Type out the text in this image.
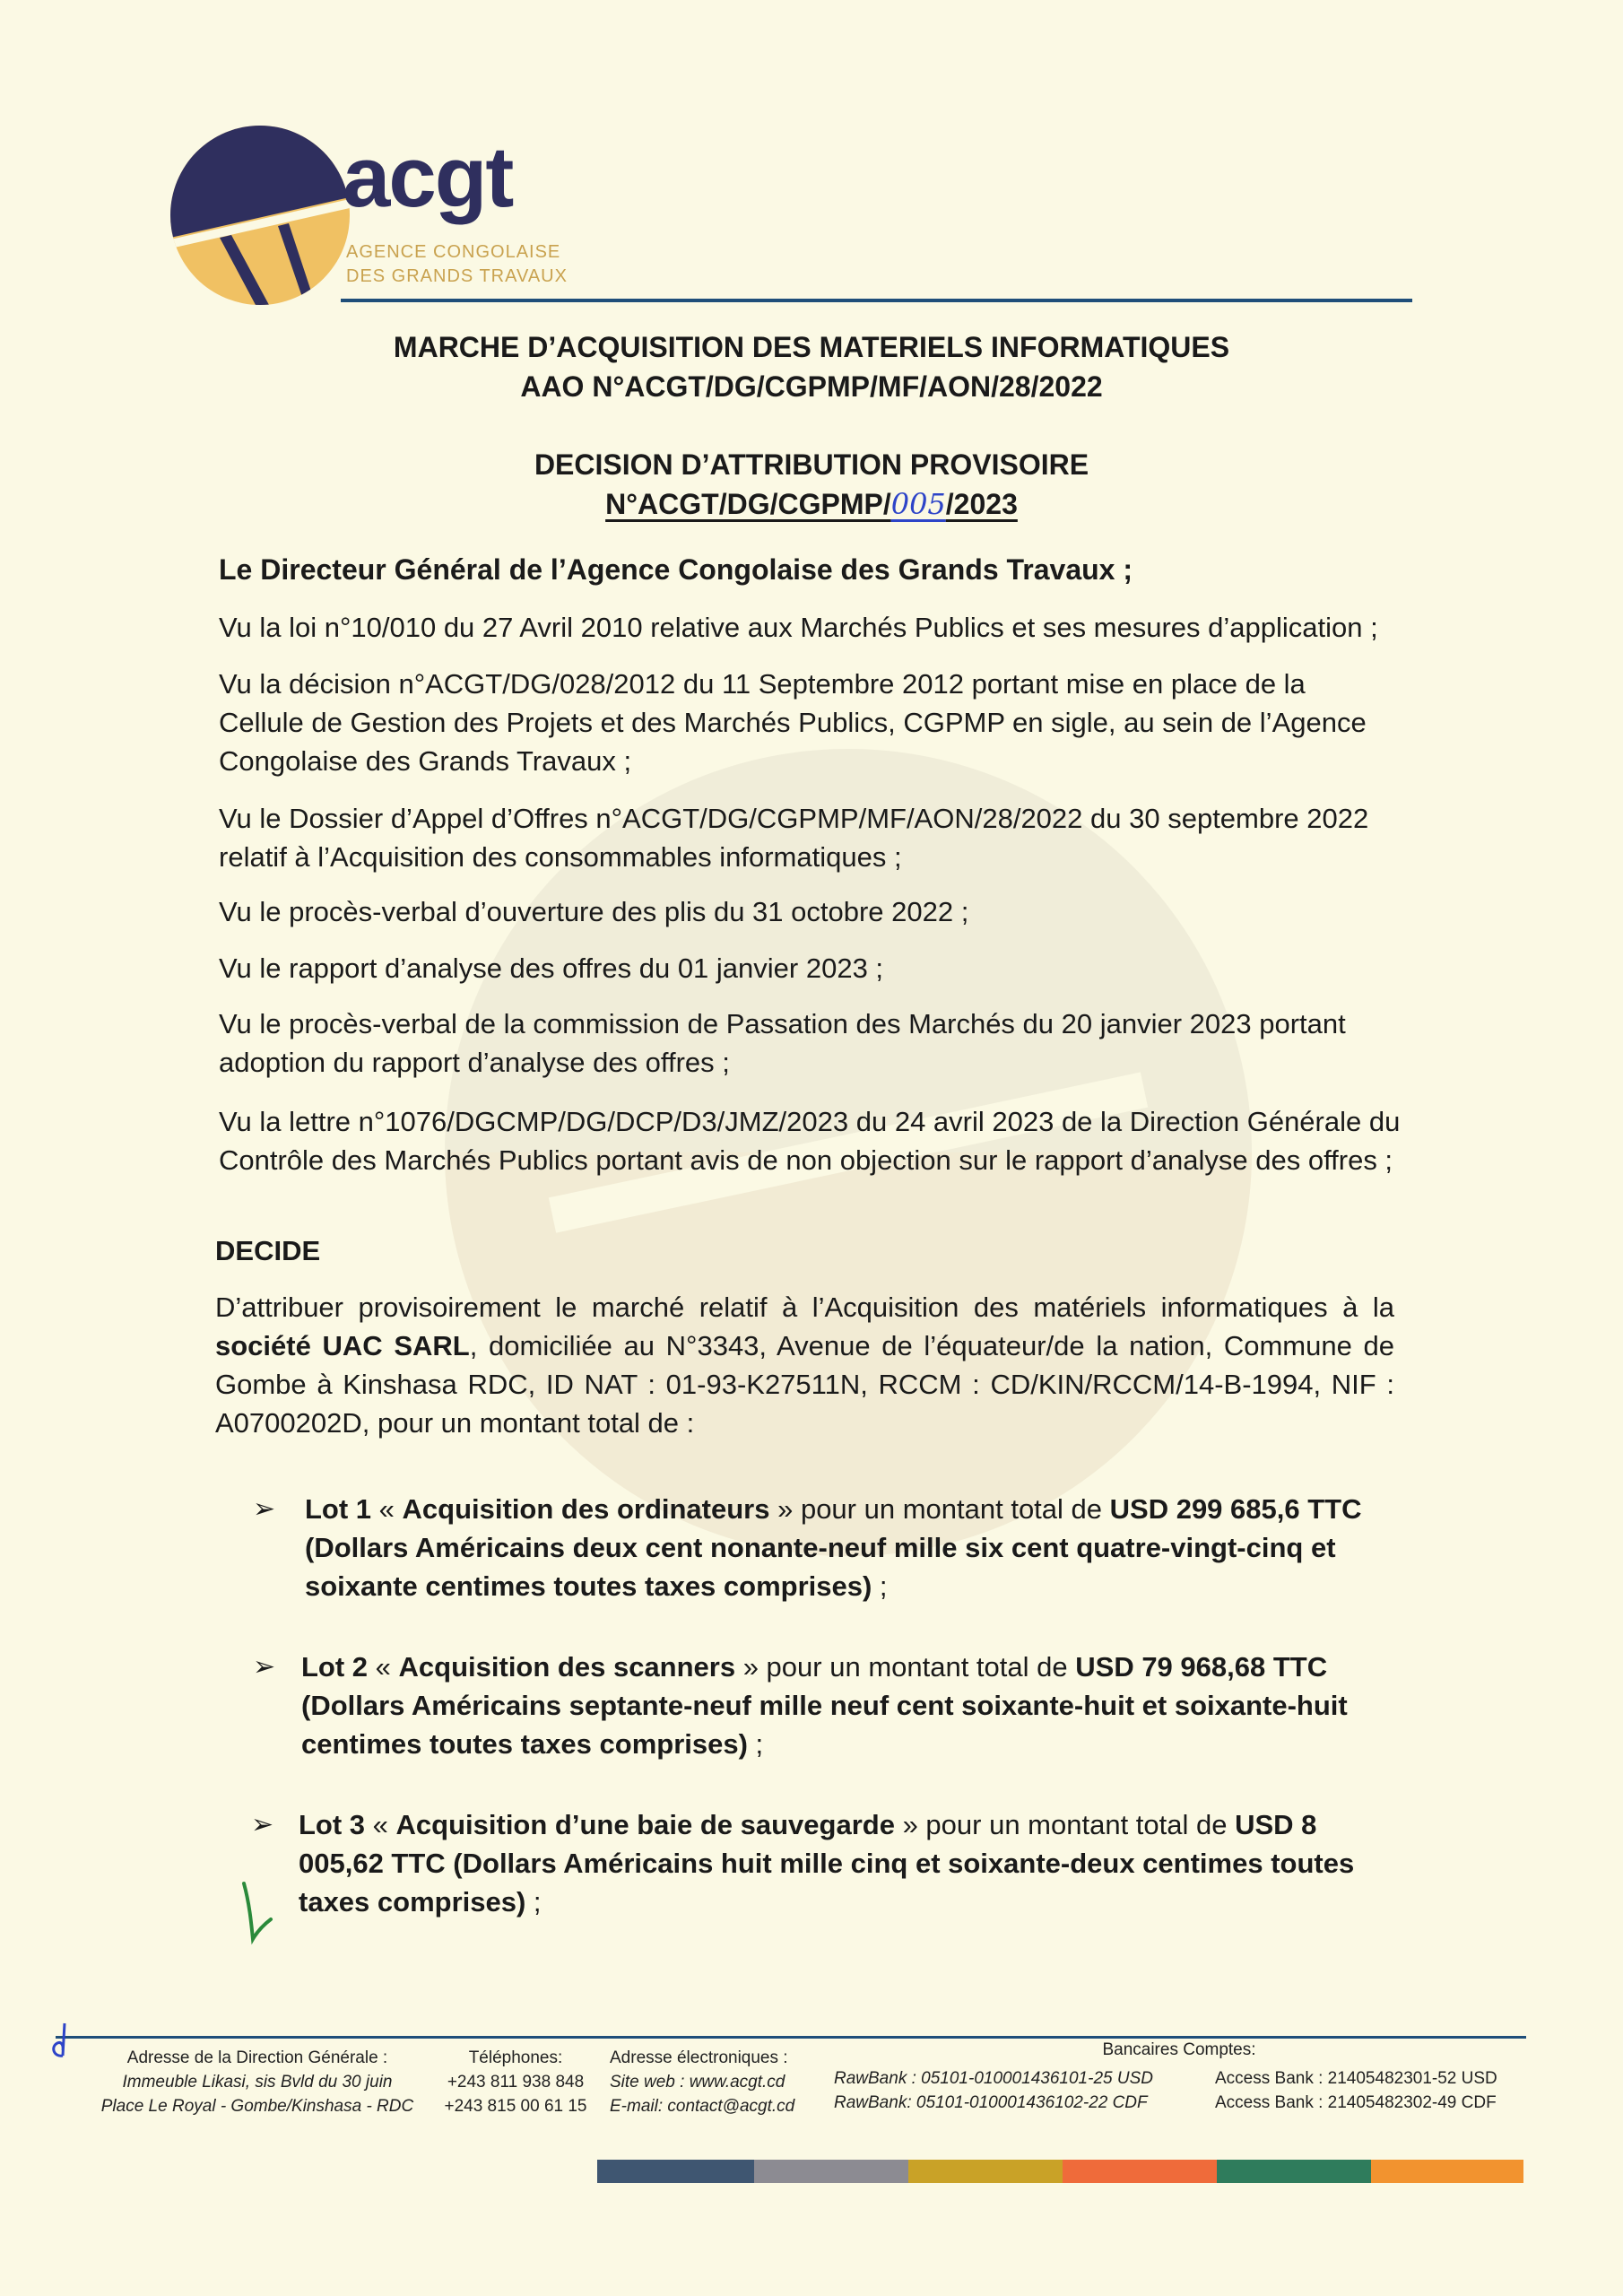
acgt
AGENCE CONGOLAISE
DES GRANDS TRAVAUX
MARCHE D’ACQUISITION DES MATERIELS INFORMATIQUES
AAO N°ACGT/DG/CGPMP/MF/AON/28/2022
DECISION D’ATTRIBUTION PROVISOIRE
N°ACGT/DG/CGPMP/005/2023
Le Directeur Général de l’Agence Congolaise des Grands Travaux ;
Vu la loi n°10/010 du 27 Avril 2010 relative aux Marchés Publics et ses mesures d’application ;
Vu la décision n°ACGT/DG/028/2012 du 11 Septembre 2012 portant mise en place de la Cellule de Gestion des Projets et des Marchés Publics, CGPMP en sigle, au sein de l’Agence Congolaise des Grands Travaux ;
Vu le Dossier d’Appel d’Offres n°ACGT/DG/CGPMP/MF/AON/28/2022 du 30 septembre 2022 relatif à l’Acquisition des consommables informatiques ;
Vu le procès-verbal d’ouverture des plis du 31 octobre 2022 ;
Vu le rapport d’analyse des offres du 01 janvier 2023 ;
Vu le procès-verbal de la commission de Passation des Marchés du 20 janvier 2023 portant adoption du rapport d’analyse des offres ;
Vu la lettre n°1076/DGCMP/DG/DCP/D3/JMZ/2023 du 24 avril 2023 de la Direction Générale du Contrôle des Marchés Publics portant avis de non objection sur le rapport d’analyse des offres ;
DECIDE
D’attribuer provisoirement le marché relatif à l’Acquisition des matériels informatiques à la société UAC SARL, domiciliée au N°3343, Avenue de l’équateur/de la nation, Commune de Gombe à Kinshasa RDC, ID NAT : 01-93-K27511N, RCCM : CD/KIN/RCCM/14-B-1994, NIF : A0700202D, pour un montant total de :
➢ Lot 1 « Acquisition des ordinateurs » pour un montant total de USD 299 685,6 TTC (Dollars Américains deux cent nonante-neuf mille six cent quatre-vingt-cinq et soixante centimes toutes taxes comprises) ;
➢ Lot 2 « Acquisition des scanners » pour un montant total de USD 79 968,68 TTC (Dollars Américains septante-neuf mille neuf cent soixante-huit et soixante-huit centimes toutes taxes comprises) ;
➢ Lot 3 « Acquisition d’une baie de sauvegarde » pour un montant total de USD 8 005,62 TTC (Dollars Américains huit mille cinq et soixante-deux centimes toutes taxes comprises) ;
Adresse de la Direction Générale :
Immeuble Likasi, sis Bvld du 30 juin
Place Le Royal - Gombe/Kinshasa - RDC
Téléphones:
+243 811 938 848
+243 815 00 61 15
Adresse électroniques :
Site web : www.acgt.cd
E-mail: contact@acgt.cd
Bancaires Comptes:
RawBank : 05101-010001436101-25 USD
RawBank: 05101-010001436102-22 CDF
Access Bank : 21405482301-52 USD
Access Bank : 21405482302-49 CDF
